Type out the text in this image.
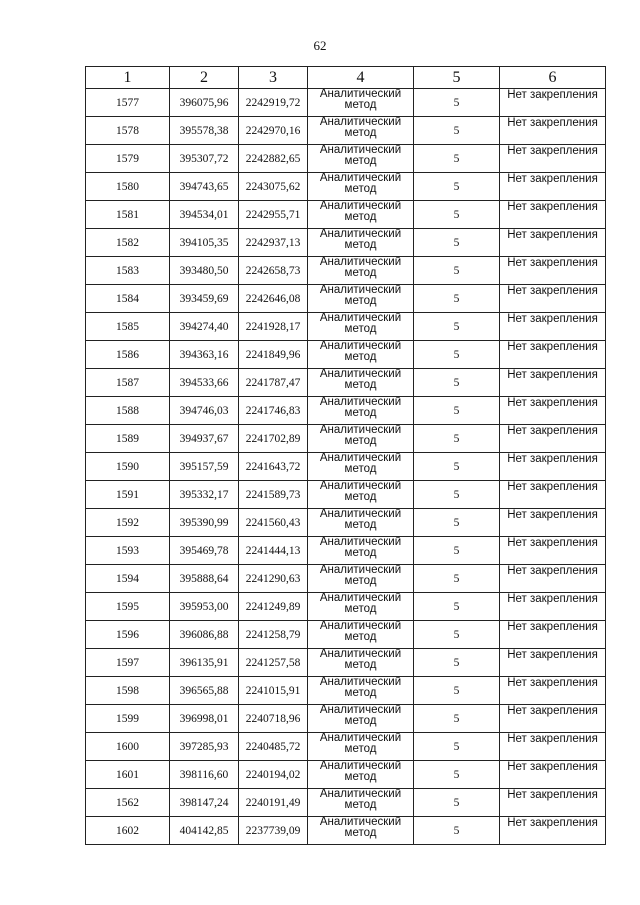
62
1	2	3	4	5	6
1577	396075,96	2242919,72	Аналитический
метод	5	Нет закрепления
1578	395578,38	2242970,16	Аналитический
метод	5	Нет закрепления
1579	395307,72	2242882,65	Аналитический
метод	5	Нет закрепления
1580	394743,65	2243075,62	Аналитический
метод	5	Нет закрепления
1581	394534,01	2242955,71	Аналитический
метод	5	Нет закрепления
1582	394105,35	2242937,13	Аналитический
метод	5	Нет закрепления
1583	393480,50	2242658,73	Аналитический
метод	5	Нет закрепления
1584	393459,69	2242646,08	Аналитический
метод	5	Нет закрепления
1585	394274,40	2241928,17	Аналитический
метод	5	Нет закрепления
1586	394363,16	2241849,96	Аналитический
метод	5	Нет закрепления
1587	394533,66	2241787,47	Аналитический
метод	5	Нет закрепления
1588	394746,03	2241746,83	Аналитический
метод	5	Нет закрепления
1589	394937,67	2241702,89	Аналитический
метод	5	Нет закрепления
1590	395157,59	2241643,72	Аналитический
метод	5	Нет закрепления
1591	395332,17	2241589,73	Аналитический
метод	5	Нет закрепления
1592	395390,99	2241560,43	Аналитический
метод	5	Нет закрепления
1593	395469,78	2241444,13	Аналитический
метод	5	Нет закрепления
1594	395888,64	2241290,63	Аналитический
метод	5	Нет закрепления
1595	395953,00	2241249,89	Аналитический
метод	5	Нет закрепления
1596	396086,88	2241258,79	Аналитический
метод	5	Нет закрепления
1597	396135,91	2241257,58	Аналитический
метод	5	Нет закрепления
1598	396565,88	2241015,91	Аналитический
метод	5	Нет закрепления
1599	396998,01	2240718,96	Аналитический
метод	5	Нет закрепления
1600	397285,93	2240485,72	Аналитический
метод	5	Нет закрепления
1601	398116,60	2240194,02	Аналитический
метод	5	Нет закрепления
1562	398147,24	2240191,49	Аналитический
метод	5	Нет закрепления
1602	404142,85	2237739,09	Аналитический
метод	5	Нет закрепления
